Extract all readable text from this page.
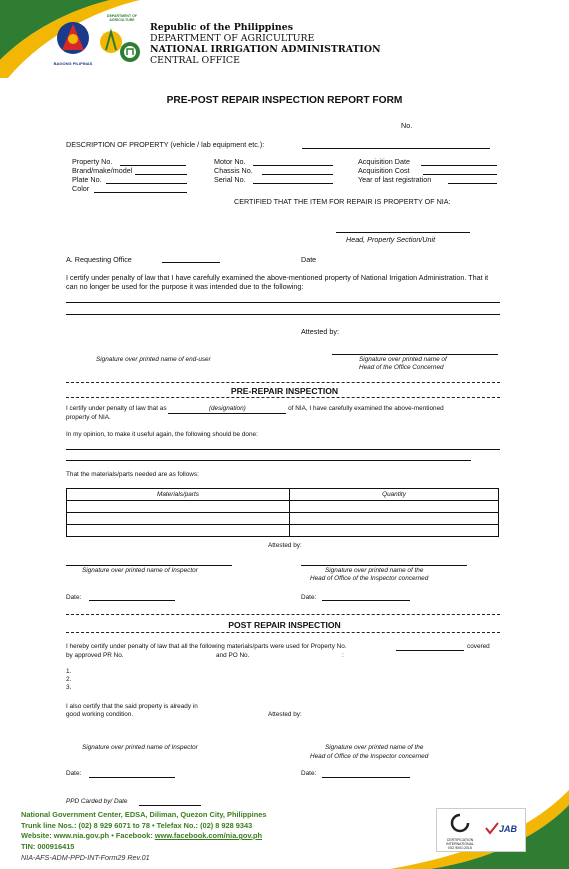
BAGONG PILIPINAS
DEPARTMENT OF AGRICULTURE
Republic of the Philippines
DEPARTMENT OF AGRICULTURE
NATIONAL IRRIGATION ADMINISTRATION
CENTRAL OFFICE
PRE-POST REPAIR INSPECTION REPORT FORM
No.
DESCRIPTION OF PROPERTY (vehicle / lab equipment etc.):
Property No.
Brand/make/model
Plate No.
Color
Motor No.
Chassis No.
Serial No.
Acquisition Date
Acquisition Cost
Year of last registration
CERTIFIED THAT THE ITEM FOR REPAIR IS PROPERTY OF NIA:
Head, Property Section/Unit
A. Requesting Office	Date
I certify under penalty of law that I have carefully examined the above-mentioned property of National Irrigation Administration. That it can no longer be used for the purpose it was intended due to the following:
Attested by:
Signature over printed name of end-user	Signature over printed name of
Head of the Office Concerned
PRE-REPAIR INSPECTION
I certify under penalty of law that as	(designation)	of NIA, I have carefully examined the above-mentioned
property of NIA.
In my opinion, to make it useful again, the following should be done:
That the materials/parts needed are as follows:
Materials/parts	Quantity

Attested by:
Signature over printed name of Inspector	Signature over printed name of the
Head of Office of the Inspector concerned
Date:	Date:
POST REPAIR INSPECTION
I hereby certify under penalty of law that all the following materials/parts were used for Property No.	covered
by approved PR No.	and PO No.	:
1.
2.
3.
I also certify that the said property is already in
good working condition.	Attested by:
Signature over printed name of Inspector	Signature over printed name of the
Head of Office of the Inspector concerned
Date:	Date:
PPD Carded by/ Date
National Government Center, EDSA, Diliman, Quezon City, Philippines
Trunk line Nos.: (02) 8 929 6071 to 78 • Telefax No.: (02) 8 928 9343
Website: www.nia.gov.ph • Facebook: www.facebook.com/nia.gov.ph
TIN: 000916415
NIA-AFS-ADM-PPD-INT-Form29 Rev.01
CERTIFICATION
INTERNATIONAL
ISO 9001:2015
JAB
